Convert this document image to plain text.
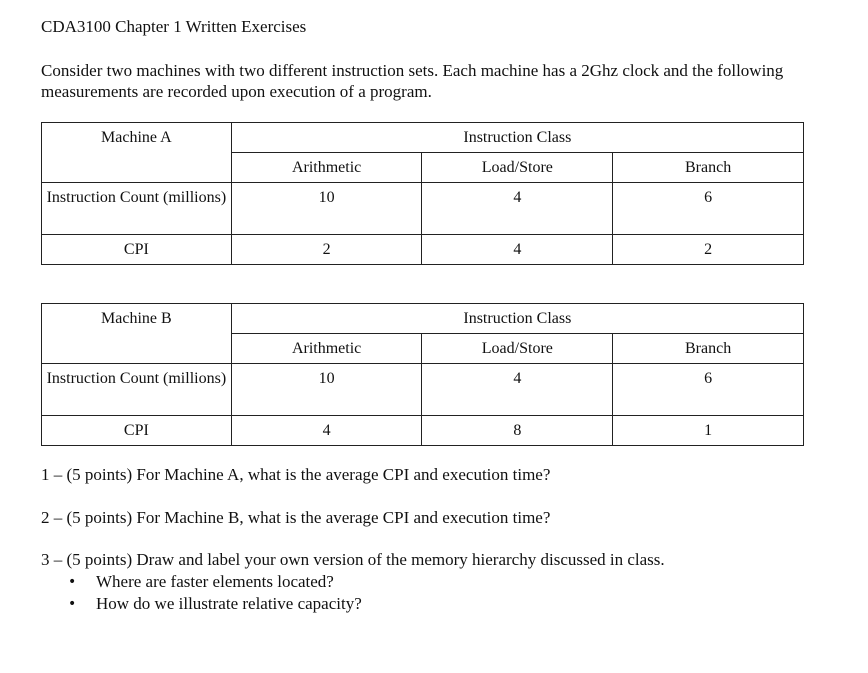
CDA3100 Chapter 1 Written Exercises
Consider two machines with two different instruction sets. Each machine has a 2Ghz clock and the following measurements are recorded upon execution of a program.
Machine A	Instruction Class		
	Arithmetic	Load/Store	Branch
Instruction Count (millions)	10	4	6
CPI	2	4	2
Machine B	Instruction Class		
	Arithmetic	Load/Store	Branch
Instruction Count (millions)	10	4	6
CPI	4	8	1
1 – (5 points) For Machine A, what is the average CPI and execution time?
2 – (5 points) For Machine B, what is the average CPI and execution time?
3 – (5 points) Draw and label your own version of the memory hierarchy discussed in class.
• Where are faster elements located?
• How do we illustrate relative capacity?
